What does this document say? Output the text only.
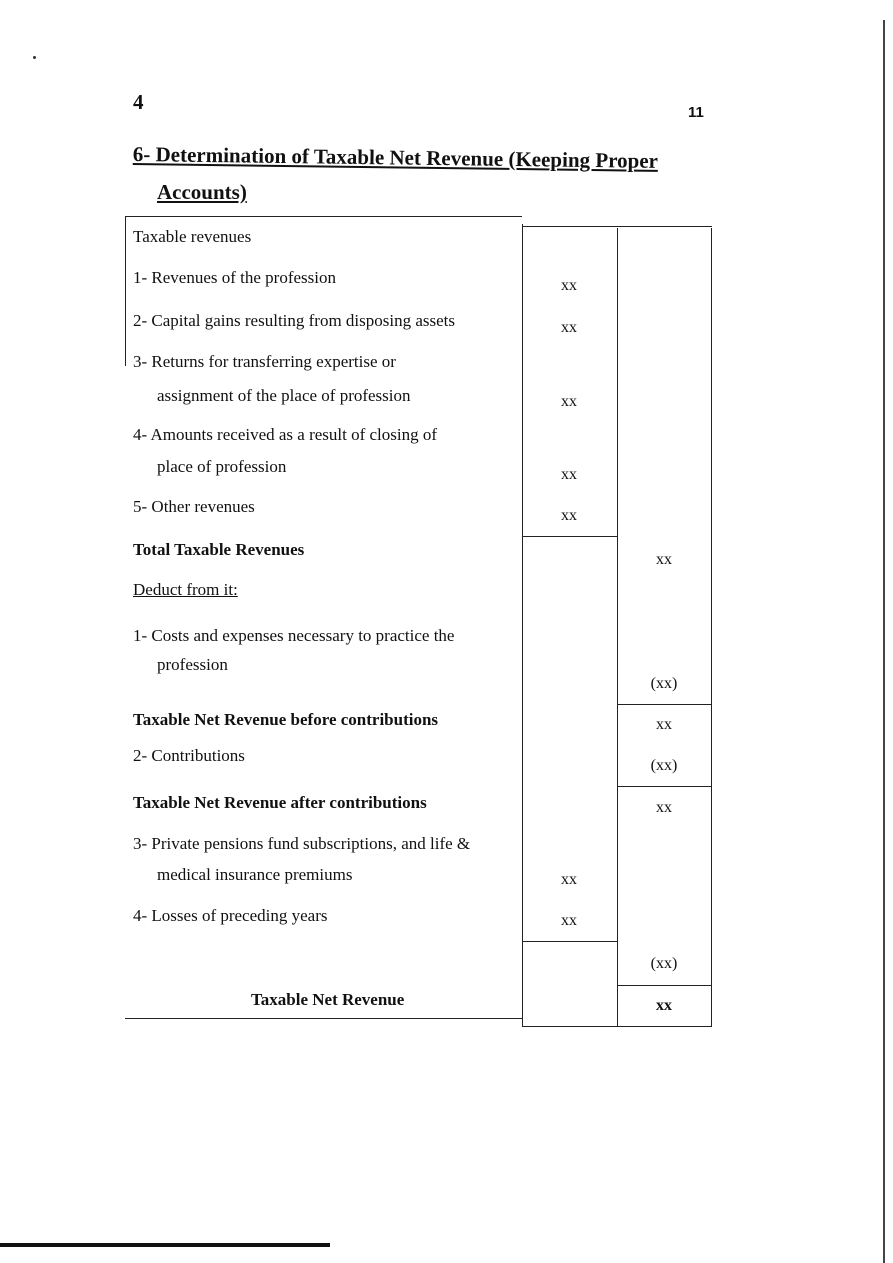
4	11
6- Determination of Taxable Net Revenue (Keeping Proper
Accounts)
Taxable revenues
1- Revenues of the profession
2- Capital gains resulting from disposing assets
3- Returns for transferring expertise or
assignment of the place of profession
4- Amounts received as a result of closing of
place of profession
5- Other revenues
Total Taxable Revenues
Deduct from it:
1- Costs and expenses necessary to practice the
profession
Taxable Net Revenue before contributions
2- Contributions
Taxable Net Revenue after contributions
3- Private pensions fund subscriptions, and life &
medical insurance premiums
4- Losses of preceding years
Taxable Net Revenue
xx
xx
xx
xx
xx
xx
xx
xx
(xx)
xx
(xx)
xx
(xx)
xx
